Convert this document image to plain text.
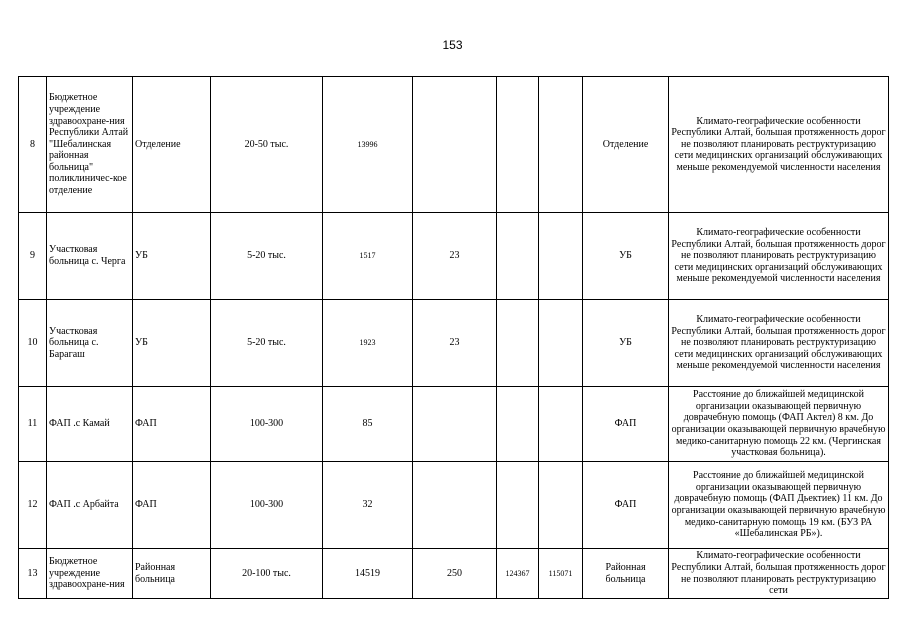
153
8	Бюджетное учреждение здравоохране-ния Республики Алтай "Шебалинская районная больница" поликлиничес-кое отделение	Отделение	20-50 тыс.	13996				Отделение	Климато-географические особенности Республики Алтай, большая протяженность дорог не позволяют планировать реструктуризацию сети медицинских организаций обслуживающих меньше рекомендуемой численности населения
9	Участковая больница с. Черга	УБ	5-20 тыс.	1517	23			УБ	Климато-географические особенности Республики Алтай, большая протяженность дорог не позволяют планировать реструктуризацию сети медицинских организаций обслуживающих меньше рекомендуемой численности населения
10	Участковая больница с. Барагаш	УБ	5-20 тыс.	1923	23			УБ	Климато-географические особенности Республики Алтай, большая протяженность дорог не позволяют планировать реструктуризацию сети медицинских организаций обслуживающих меньше рекомендуемой численности населения
11	ФАП .с Камай	ФАП	100-300	85				ФАП	Расстояние до ближайшей медицинской организации оказывающей первичную доврачебную помощь (ФАП Актел) 8 км. До организации оказывающей первичную врачебную медико-санитарную помощь 22 км. (Чергинская участковая больница).
12	ФАП .с Арбайта	ФАП	100-300	32				ФАП	Расстояние до ближайшей медицинской организации оказывающей первичную доврачебную помощь (ФАП Дьектиек) 11 км. До организации оказывающей первичную врачебную медико-санитарную помощь 19 км. (БУЗ РА «Шебалинская РБ»).
13	Бюджетное учреждение здравоохране-ния	Районная больница	20-100 тыс.	14519	250	124367	115071	Районная больница	Климато-географические особенности Республики Алтай, большая протяженность дорог не позволяют планировать реструктуризацию сети
